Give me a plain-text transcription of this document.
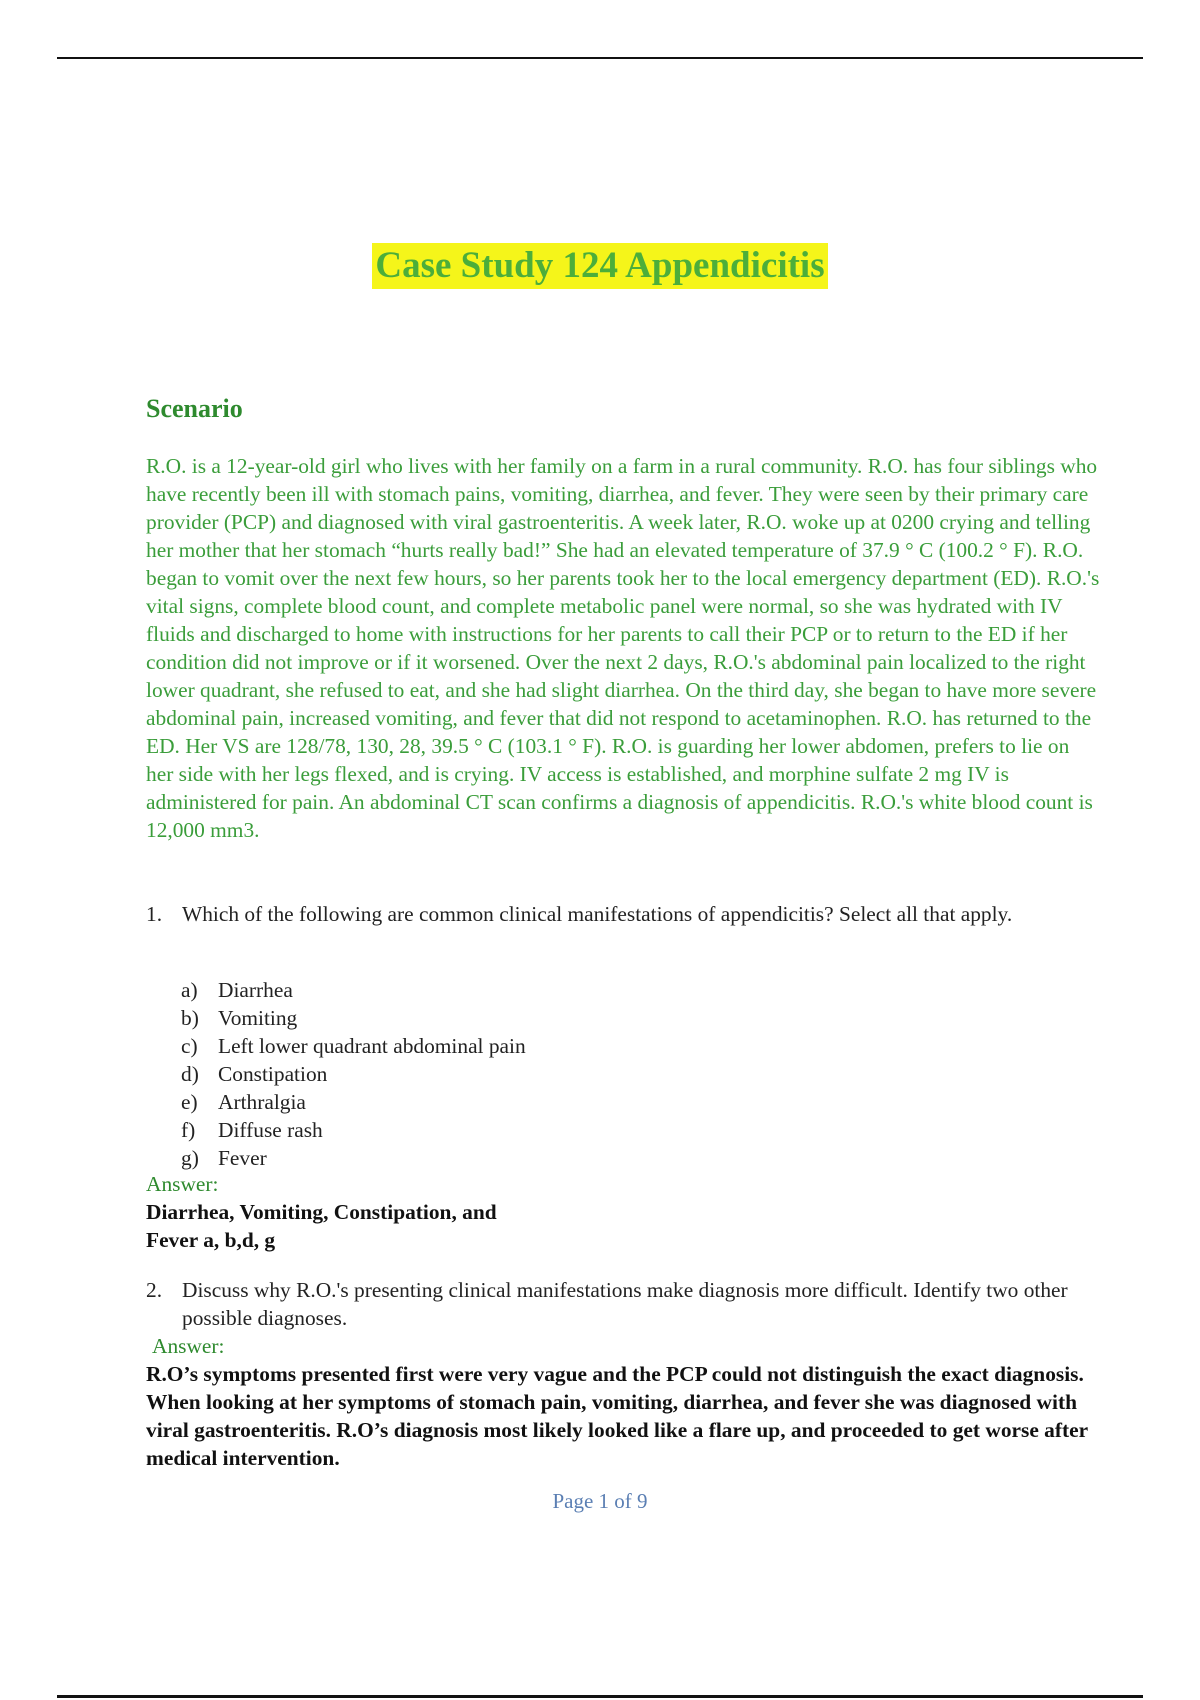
Case Study 124 Appendicitis
Scenario

R.O. is a 12-year-old girl who lives with her family on a farm in a rural community. R.O. has four siblings who have recently been ill with stomach pains, vomiting, diarrhea, and fever. They were seen by their primary care provider (PCP) and diagnosed with viral gastroenteritis. A week later, R.O. woke up at 0200 crying and telling her mother that her stomach “hurts really bad!” She had an elevated temperature of 37.9 ° C (100.2 ° F). R.O. began to vomit over the next few hours, so her parents took her to the local emergency department (ED). R.O.'s vital signs, complete blood count, and complete metabolic panel were normal, so she was hydrated with IV fluids and discharged to home with instructions for her parents to call their PCP or to return to the ED if her condition did not improve or if it worsened. Over the next 2 days, R.O.'s abdominal pain localized to the right lower quadrant, she refused to eat, and she had slight diarrhea. On the third day, she began to have more severe abdominal pain, increased vomiting, and fever that did not respond to acetaminophen. R.O. has returned to the ED. Her VS are 128/78, 130, 28, 39.5 ° C (103.1 ° F). R.O. is guarding her lower abdomen, prefers to lie on her side with her legs flexed, and is crying. IV access is established, and morphine sulfate 2 mg IV is administered for pain. An abdominal CT scan confirms a diagnosis of appendicitis. R.O.'s white blood count is 12,000 mm3.

1. Which of the following are common clinical manifestations of appendicitis? Select all that apply.
a) Diarrhea
b) Vomiting
c) Left lower quadrant abdominal pain
d) Constipation
e) Arthralgia
f) Diffuse rash
g) Fever
Answer:
Diarrhea, Vomiting, Constipation, and
Fever a, b,d, g
2. Discuss why R.O.'s presenting clinical manifestations make diagnosis more difficult. Identify two other possible diagnoses.
Answer:
R.O’s symptoms presented first were very vague and the PCP could not distinguish the exact diagnosis. When looking at her symptoms of stomach pain, vomiting, diarrhea, and fever she was diagnosed with viral gastroenteritis. R.O’s diagnosis most likely looked like a flare up, and proceeded to get worse after medical intervention.
Page 1 of 9
